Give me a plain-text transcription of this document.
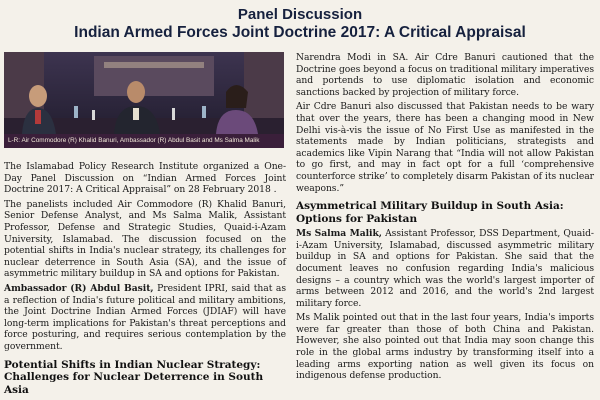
Panel Discussion
Indian Armed Forces Joint Doctrine 2017: A Critical Appraisal
L-R: Air Commodore (R) Khalid Banuri, Ambassador (R) Abdul Basit and Ms Salma Malik

The Islamabad Policy Research Institute organized a One-Day Panel Discussion on “Indian Armed Forces Joint Doctrine 2017: A Critical Appraisal” on 28 February 2018 .

The panelists included Air Commodore (R) Khalid Banuri, Senior Defense Analyst, and Ms Salma Malik, Assistant Professor, Defense and Strategic Studies, Quaid-i-Azam University, Islamabad. The discussion focused on the potential shifts in India's nuclear strategy, its challenges for nuclear deterrence in South Asia (SA), and the issue of asymmetric military buildup in SA and options for Pakistan.

Ambassador (R) Abdul Basit, President IPRI, said that as a reflection of India's future political and military ambitions, the Joint Doctrine Indian Armed Forces (JDIAF) will have long-term implications for Pakistan's threat perceptions and force posturing, and requires serious contemplation by the government.

Potential Shifts in Indian Nuclear Strategy:
Challenges for Nuclear Deterrence in South Asia

Narendra Modi in SA. Air Cdre Banuri cautioned that the Doctrine goes beyond a focus on traditional military imperatives and portends to use diplomatic isolation and economic sanctions backed by projection of military force.

Air Cdre Banuri also discussed that Pakistan needs to be wary that over the years, there has been a changing mood in New Delhi vis-à-vis the issue of No First Use as manifested in the statements made by Indian politicians, strategists and academics like Vipin Narang that “India will not allow Pakistan to go first, and may in fact opt for a full ‘comprehensive counterforce strike’ to completely disarm Pakistan of its nuclear weapons.”

Asymmetrical Military Buildup in South Asia: Options for Pakistan

Ms Salma Malik, Assistant Professor, DSS Department, Quaid-i-Azam University, Islamabad, discussed asymmetric military buildup in SA and options for Pakistan. She said that the document leaves no confusion regarding India's malicious designs – a country which was the world's largest importer of arms between 2012 and 2016, and the world's 2nd largest military force.

Ms Malik pointed out that in the last four years, India's imports were far greater than those of both China and Pakistan. However, she also pointed out that India may soon change this role in the global arms industry by transforming itself into a leading arms exporting nation as well given its focus on indigenous defense production.
